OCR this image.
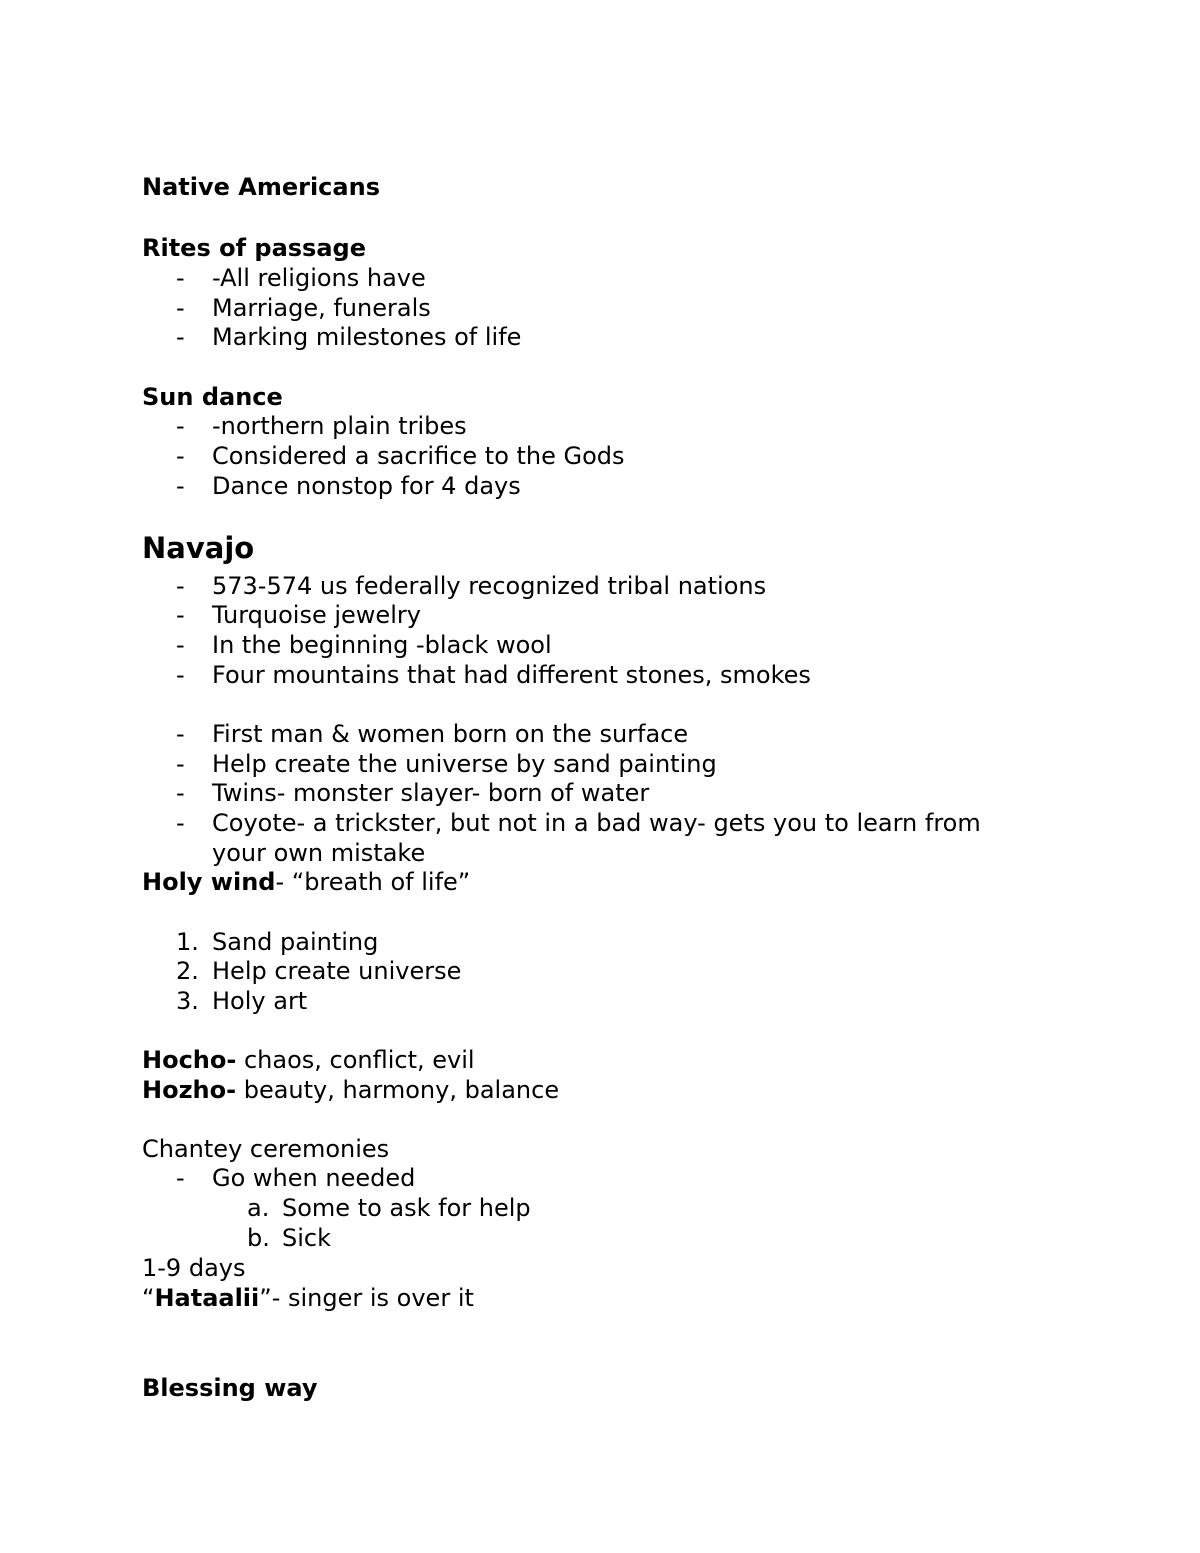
Native Americans
Rites of passage
- -All religions have
- Marriage, funerals
- Marking milestones of life
Sun dance
- -northern plain tribes
- Considered a sacrifice to the Gods
- Dance nonstop for 4 days
Navajo
- 573-574 us federally recognized tribal nations
- Turquoise jewelry
- In the beginning -black wool
- Four mountains that had different stones, smokes
- First man & women born on the surface
- Help create the universe by sand painting
- Twins- monster slayer- born of water
- Coyote- a trickster, but not in a bad way- gets you to learn from
your own mistake
Holy wind- “breath of life”
1. Sand painting
2. Help create universe
3. Holy art
Hocho- chaos, conflict, evil
Hozho- beauty, harmony, balance
Chantey ceremonies
- Go when needed
a. Some to ask for help
b. Sick
1-9 days
“Hataalii”- singer is over it
Blessing way
